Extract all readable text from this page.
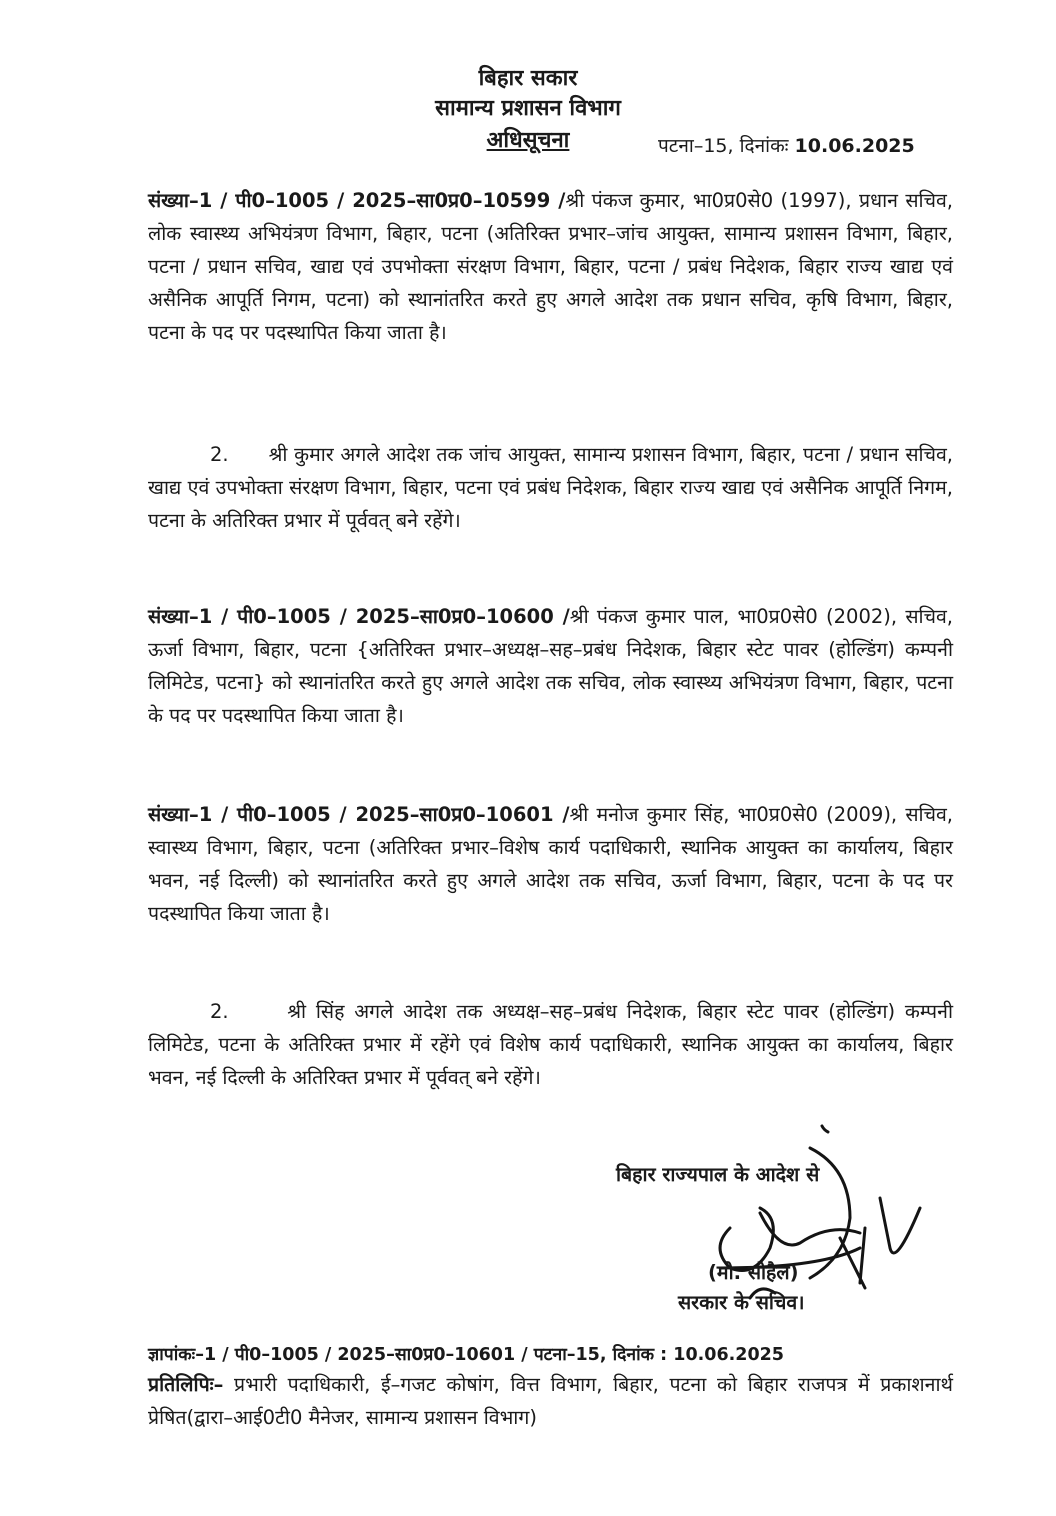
बिहार सकार
सामान्य प्रशासन विभाग
अधिसूचना	पटना–15, दिनांकः 10.06.2025
संख्या–1 / पी0–1005 / 2025–सा0प्र0–10599 /श्री पंकज कुमार, भा0प्र0से0 (1997), प्रधान सचिव, लोक स्वास्थ्य अभियंत्रण विभाग, बिहार, पटना (अतिरिक्त प्रभार–जांच आयुक्त, सामान्य प्रशासन विभाग, बिहार, पटना / प्रधान सचिव, खाद्य एवं उपभोक्ता संरक्षण विभाग, बिहार, पटना / प्रबंध निदेशक, बिहार राज्य खाद्य एवं असैनिक आपूर्ति निगम, पटना) को स्थानांतरित करते हुए अगले आदेश तक प्रधान सचिव, कृषि विभाग, बिहार, पटना के पद पर पदस्थापित किया जाता है।
2. श्री कुमार अगले आदेश तक जांच आयुक्त, सामान्य प्रशासन विभाग, बिहार, पटना / प्रधान सचिव, खाद्य एवं उपभोक्ता संरक्षण विभाग, बिहार, पटना एवं प्रबंध निदेशक, बिहार राज्य खाद्य एवं असैनिक आपूर्ति निगम, पटना के अतिरिक्त प्रभार में पूर्ववत् बने रहेंगे।
संख्या–1 / पी0–1005 / 2025–सा0प्र0–10600 /श्री पंकज कुमार पाल, भा0प्र0से0 (2002), सचिव, ऊर्जा विभाग, बिहार, पटना {अतिरिक्त प्रभार–अध्यक्ष–सह–प्रबंध निदेशक, बिहार स्टेट पावर (होल्डिंग) कम्पनी लिमिटेड, पटना} को स्थानांतरित करते हुए अगले आदेश तक सचिव, लोक स्वास्थ्य अभियंत्रण विभाग, बिहार, पटना के पद पर पदस्थापित किया जाता है।
संख्या–1 / पी0–1005 / 2025–सा0प्र0–10601 /श्री मनोज कुमार सिंह, भा0प्र0से0 (2009), सचिव, स्वास्थ्य विभाग, बिहार, पटना (अतिरिक्त प्रभार–विशेष कार्य पदाधिकारी, स्थानिक आयुक्त का कार्यालय, बिहार भवन, नई दिल्ली) को स्थानांतरित करते हुए अगले आदेश तक सचिव, ऊर्जा विभाग, बिहार, पटना के पद पर पदस्थापित किया जाता है।
2.	श्री सिंह अगले आदेश तक अध्यक्ष–सह–प्रबंध निदेशक, बिहार स्टेट पावर (होल्डिंग) कम्पनी लिमिटेड, पटना के अतिरिक्त प्रभार में रहेंगे एवं विशेष कार्य पदाधिकारी, स्थानिक आयुक्त का कार्यालय, बिहार भवन, नई दिल्ली के अतिरिक्त प्रभार में पूर्ववत् बने रहेंगे।
बिहार राज्यपाल के आदेश से
(मो. सोहैल)
सरकार के सचिव।
ज्ञापांकः–1 / पी0–1005 / 2025–सा0प्र0–10601 / पटना–15, दिनांक : 10.06.2025
प्रतिलिपिः– प्रभारी पदाधिकारी, ई–गजट कोषांग, वित्त विभाग, बिहार, पटना को बिहार राजपत्र में प्रकाशनार्थ प्रेषित(द्वारा–आई0टी0 मैनेजर, सामान्य प्रशासन विभाग)
